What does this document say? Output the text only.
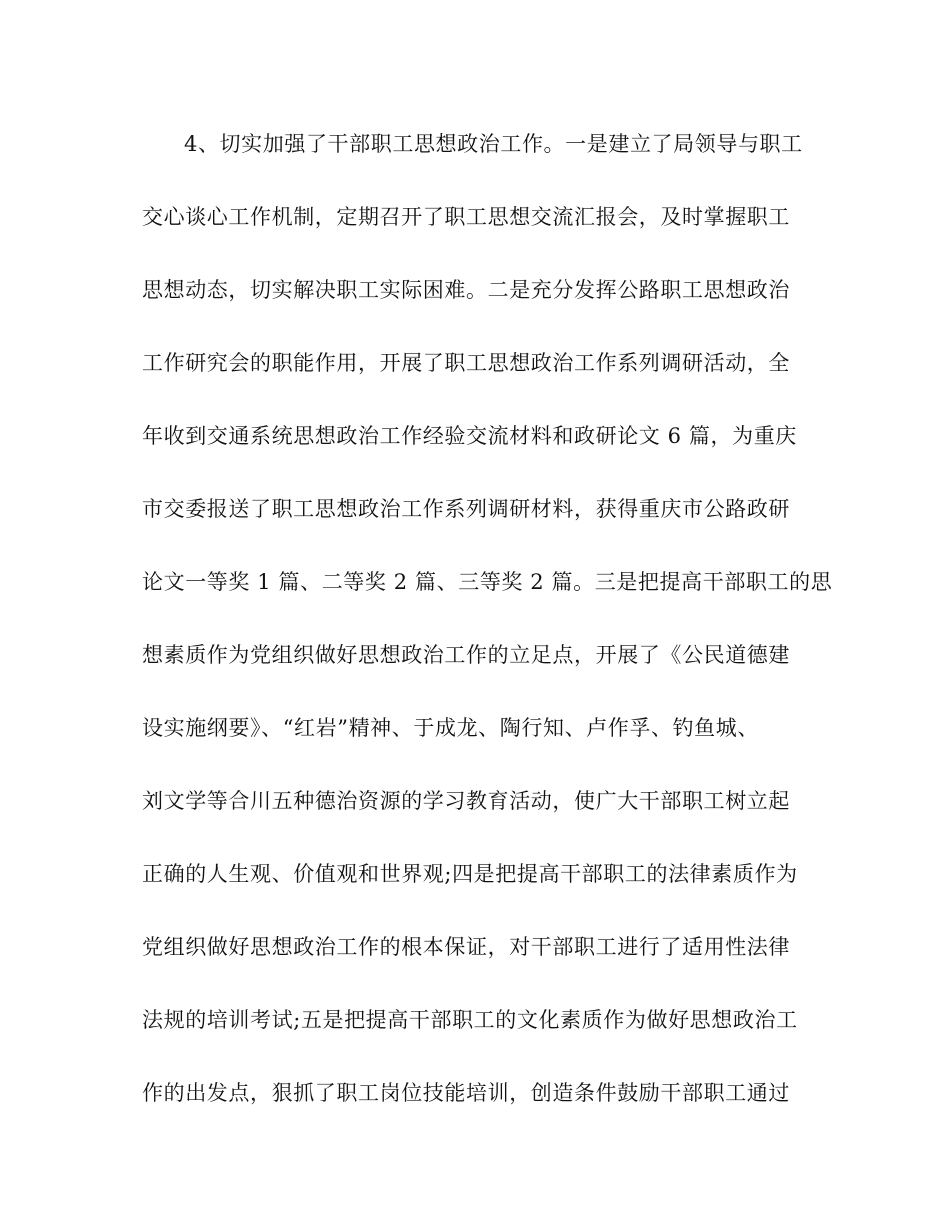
4、切实加强了干部职工思想政治工作。一是建立了局领导与职工
交心谈心工作机制，定期召开了职工思想交流汇报会，及时掌握职工
思想动态，切实解决职工实际困难。二是充分发挥公路职工思想政治
工作研究会的职能作用，开展了职工思想政治工作系列调研活动，全
年收到交通系统思想政治工作经验交流材料和政研论文 6 篇，为重庆
市交委报送了职工思想政治工作系列调研材料，获得重庆市公路政研
论文一等奖 1 篇、二等奖 2 篇、三等奖 2 篇。三是把提高干部职工的思
想素质作为党组织做好思想政治工作的立足点，开展了《公民道德建
设实施纲要》、“红岩”精神、于成龙、陶行知、卢作孚、钓鱼城、
刘文学等合川五种德治资源的学习教育活动，使广大干部职工树立起
正确的人生观、价值观和世界观;四是把提高干部职工的法律素质作为
党组织做好思想政治工作的根本保证，对干部职工进行了适用性法律
法规的培训考试;五是把提高干部职工的文化素质作为做好思想政治工
作的出发点，狠抓了职工岗位技能培训，创造条件鼓励干部职工通过
